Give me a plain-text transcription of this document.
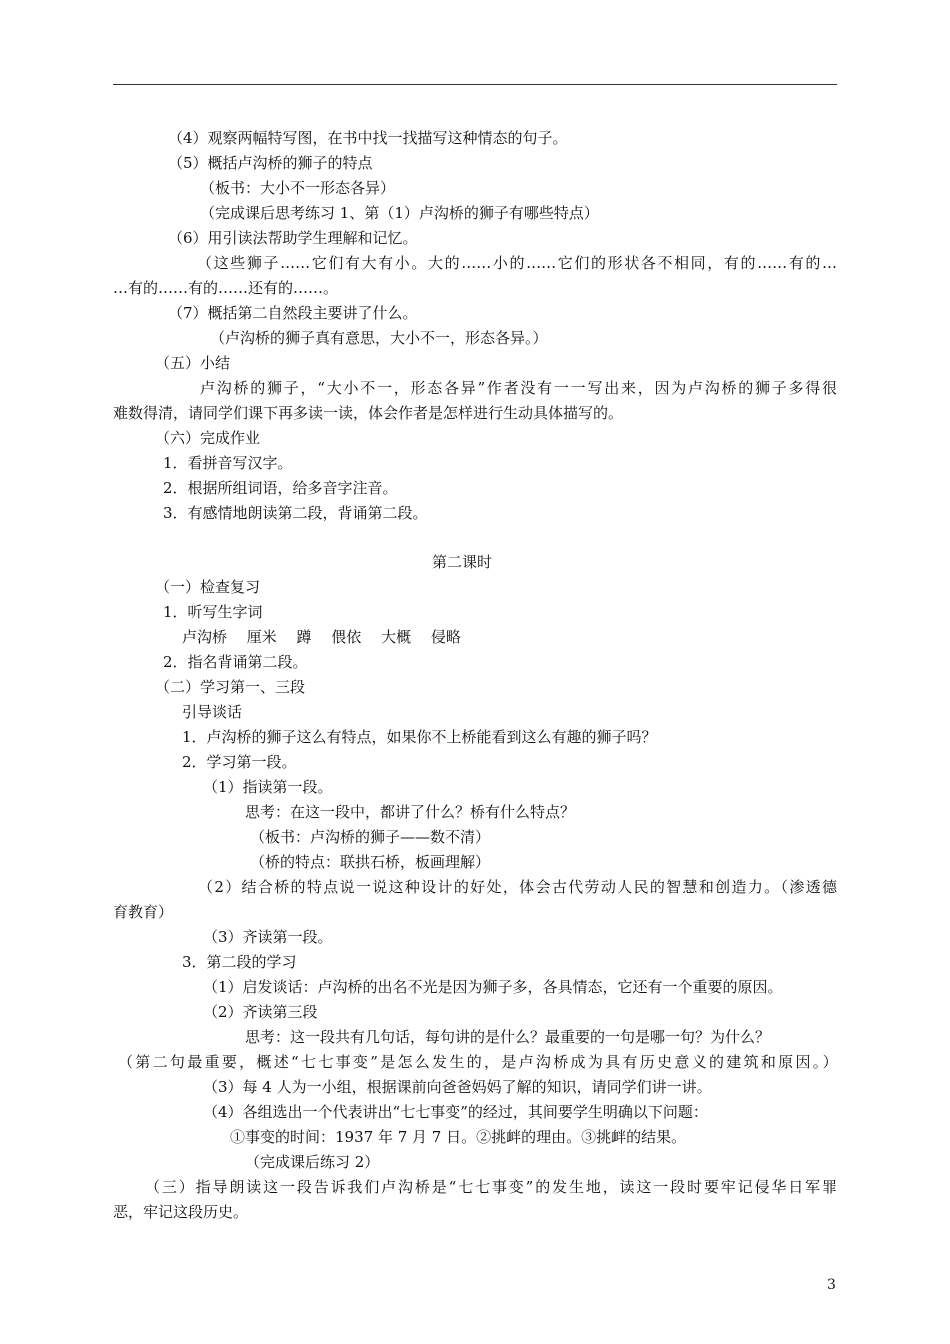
（4）观察两幅特写图，在书中找一找描写这种情态的句子。
（5）概括卢沟桥的狮子的特点
（板书：大小不一形态各异）
（完成课后思考练习 1、第（1）卢沟桥的狮子有哪些特点）
（6）用引读法帮助学生理解和记忆。
（这些狮子……它们有大有小。大的……小的……它们的形状各不相同，有的……有的…
…有的……有的……还有的……。
（7）概括第二自然段主要讲了什么。
（卢沟桥的狮子真有意思，大小不一，形态各异。）
（五）小结
卢沟桥的狮子，“大小不一，形态各异”作者没有一一写出来，因为卢沟桥的狮子多得很
难数得清，请同学们课下再多读一读，体会作者是怎样进行生动具体描写的。
（六）完成作业
1．看拼音写汉字。
2．根据所组词语，给多音字注音。
3．有感情地朗读第二段，背诵第二段。
第二课时
（一）检查复习
1．听写生字词
卢沟桥　 厘米　 蹲　 偎依　 大概　 侵略
2．指名背诵第二段。
（二）学习第一、三段
引导谈话
1．卢沟桥的狮子这么有特点，如果你不上桥能看到这么有趣的狮子吗？
2．学习第一段。
（1）指读第一段。
思考：在这一段中，都讲了什么？桥有什么特点？
（板书：卢沟桥的狮子——数不清）
（桥的特点：联拱石桥，板画理解）
（2）结合桥的特点说一说这种设计的好处，体会古代劳动人民的智慧和创造力。（渗透德
育教育）
（3）齐读第一段。
3．第二段的学习
（1）启发谈话：卢沟桥的出名不光是因为狮子多，各具情态，它还有一个重要的原因。
（2）齐读第三段
思考：这一段共有几句话，每句讲的是什么？最重要的一句是哪一句？为什么？
（第二句最重要，概述“七七事变”是怎么发生的，是卢沟桥成为具有历史意义的建筑和原因。）
（3）每 4 人为一小组，根据课前向爸爸妈妈了解的知识，请同学们讲一讲。
（4）各组选出一个代表讲出“七七事变”的经过，其间要学生明确以下问题：
①事变的时间：1937 年 7 月 7 日。②挑衅的理由。③挑衅的结果。
（完成课后练习 2）
（三）指导朗读这一段告诉我们卢沟桥是“七七事变”的发生地，读这一段时要牢记侵华日军罪
恶，牢记这段历史。
3
